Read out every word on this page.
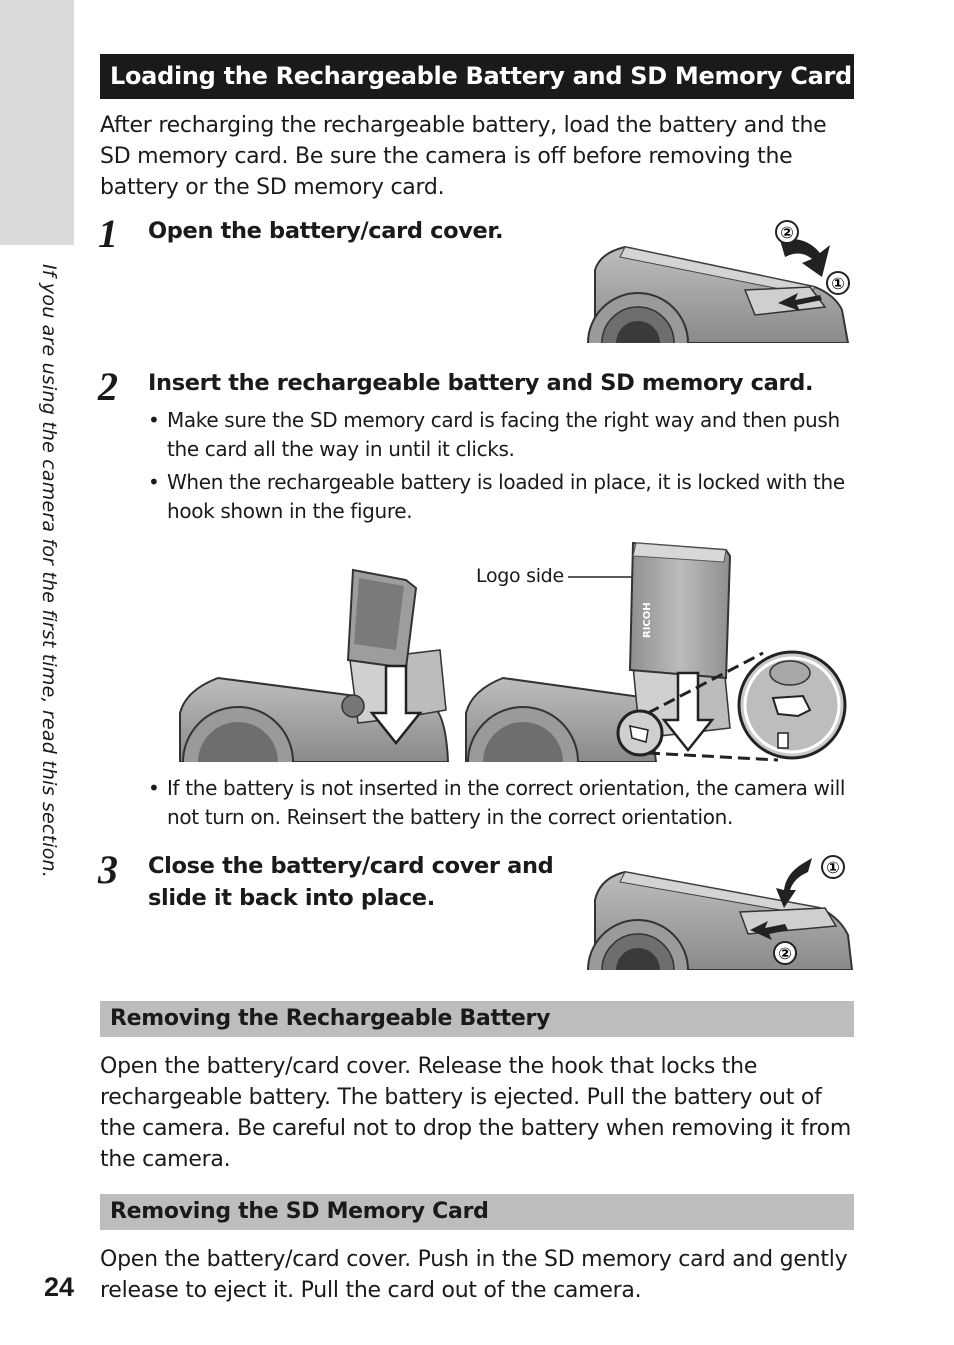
If you are using the camera for the first time, read this section.
24
Loading the Rechargeable Battery and SD Memory Card

After recharging the rechargeable battery, load the battery and the SD memory card. Be sure the camera is off before removing the battery or the SD memory card.

1 Open the battery/card cover.	②
①
2 Insert the rechargeable battery and SD memory card.

• Make sure the SD memory card is facing the right way and then push the card all the way in until it clicks.
• When the rechargeable battery is loaded in place, it is locked with the hook shown in the figure.
Logo side
RICOH
• If the battery is not inserted in the correct orientation, the camera will not turn on. Reinsert the battery in the correct orientation.
3 Close the battery/card cover and

slide it back into place.

①
②
Removing the Rechargeable Battery

Open the battery/card cover. Release the hook that locks the rechargeable battery. The battery is ejected. Pull the battery out of the camera. Be careful not to drop the battery when removing it from the camera.

Removing the SD Memory Card

Open the battery/card cover. Push in the SD memory card and gently release to eject it. Pull the card out of the camera.
